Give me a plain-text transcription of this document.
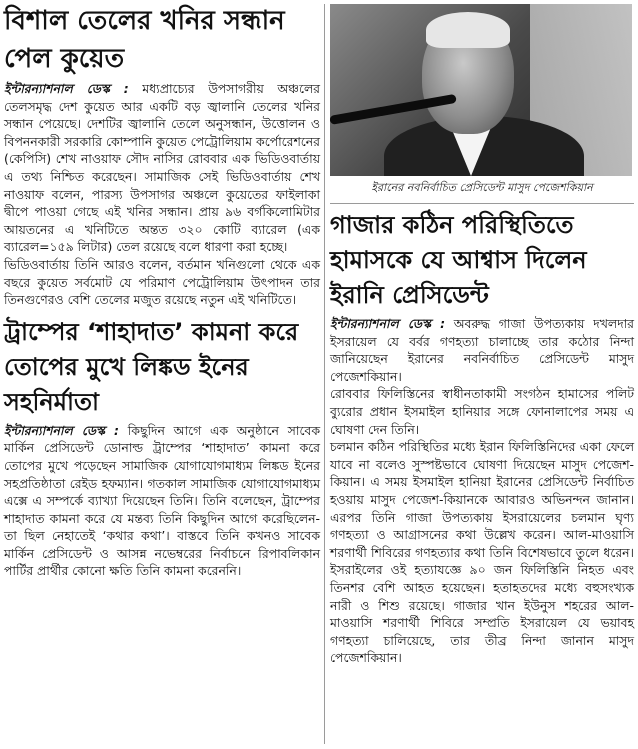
বিশাল তেলের খনির সন্ধান পেল কুয়েত

ইন্টারন্যাশনাল ডেস্ক : মধ্যপ্রাচ্যের উপসাগরীয় অঞ্চলের তেলসমৃদ্ধ দেশ কুয়েত আর একটি বড় জ্বালানি তেলের খনির সন্ধান পেয়েছে। দেশটির জ্বালানি তেলে অনুসন্ধান, উত্তোলন ও বিপননকারী সরকারি কোম্পানি কুয়েত পেট্রোলিয়াম কর্পোরেশনের (কেপিসি) শেখ নাওয়াফ সৌদ নাসির রোববার এক ভিডিওবার্তায় এ তথ্য নিশ্চিত করেছেন। সামাজিক সেই ভিডিওবার্তায় শেখ নাওয়াফ বলেন, পারস্য উপসাগর অঞ্চলে কুয়েতের ফাইলাকা দ্বীপে পাওয়া গেছে এই খনির সন্ধান। প্রায় ৯৬ বর্গকিলোমিটার আয়তনের এ খনিটিতে অন্তত ৩২০ কোটি ব্যারেল (এক ব্যারেল=১৫৯ লিটার) তেল রয়েছে বলে ধারণা করা হচ্ছে।

ভিডিওবার্তায় তিনি আরও বলেন, বর্তমান খনিগুলো থেকে এক বছরে কুয়েত সর্বমোট যে পরিমাণ পেট্রোলিয়াম উৎপাদন তার তিনগুণেরও বেশি তেলের মজুত রয়েছে নতুন এই খনিটিতে।

ট্রাম্পের ‘শাহাদাত’ কামনা করে তোপের মুখে লিঙ্কড ইনের সহনির্মাতা

ইন্টারন্যাশনাল ডেস্ক : কিছুদিন আগে এক অনুষ্ঠানে সাবেক মার্কিন প্রেসিডেন্ট ডোনাল্ড ট্রাম্পের ‘শাহাদাত’ কামনা করে তোপের মুখে পড়েছেন সামাজিক যোগাযোগমাধ্যম লিঙ্কড ইনের সহপ্রতিষ্ঠাতা রেইড হফম্যান। গতকাল সামাজিক যোগাযোগমাধ্যম এক্সে এ সম্পর্কে ব্যাখ্যা দিয়েছেন তিনি। তিনি বলেছেন, ট্রাম্পের শাহাদাত কামনা করে যে মন্তব্য তিনি কিছুদিন আগে করেছিলেন- তা ছিল নেহাতেই ‘কথার কথা’। বাস্তবে তিনি কখনও সাবেক মার্কিন প্রেসিডেন্ট ও আসন্ন নভেম্বরের নির্বাচনে রিপাবলিকান পার্টির প্রার্থীর কোনো ক্ষতি তিনি কামনা করেননি।

ইরানের নবনির্বাচিত প্রেসিডেন্ট মাসুদ পেজেশকিয়ান
গাজার কঠিন পরিস্থিতিতে হামাসকে যে আশ্বাস দিলেন ইরানি প্রেসিডেন্ট

ইন্টারন্যাশনাল ডেস্ক : অবরুদ্ধ গাজা উপত্যকায় দখলদার ইসরায়েল যে বর্বর গণহত্যা চালাচ্ছে তার কঠোর নিন্দা জানিয়েছেন ইরানের নবনির্বাচিত প্রেসিডেন্ট মাসুদ পেজেশকিয়ান।

রোববার ফিলিস্তিনের স্বাধীনতাকামী সংগঠন হামাসের পলিট ব্যুরোর প্রধান ইসমাইল হানিয়ার সঙ্গে ফোনালাপের সময় এ ঘোষণা দেন তিনি।

চলমান কঠিন পরিস্থিতির মধ্যে ইরান ফিলিস্তিনিদের একা ফেলে যাবে না বলেও সুস্পষ্টভাবে ঘোষণা দিয়েছেন মাসুদ পেজেশ-কিয়ান। এ সময় ইসমাইল হানিয়া ইরানের প্রেসিডেন্ট নির্বাচিত হওয়ায় মাসুদ পেজেশ-কিয়ানকে আবারও অভিনন্দন জানান। এরপর তিনি গাজা উপত্যকায় ইসরায়েলের চলমান ঘৃণ্য গণহত্যা ও আগ্রাসনের কথা উল্লেখ করেন। আল-মাওয়াসি শরণার্থী শিবিরের গণহত্যার কথা তিনি বিশেষভাবে তুলে ধরেন। ইসরাইলের ওই হত্যাযজ্ঞে ৯০ জন ফিলিস্তিনি নিহত এবং তিনশর বেশি আহত হয়েছেন। হতাহতদের মধ্যে বহুসংখ্যক নারী ও শিশু রয়েছে। গাজার খান ইউনুস শহরের আল-মাওয়াসি শরণার্থী শিবিরে সম্প্রতি ইসরায়েল যে ভয়াবহ গণহত্যা চালিয়েছে, তার তীব্র নিন্দা জানান মাসুদ পেজেশকিয়ান।
